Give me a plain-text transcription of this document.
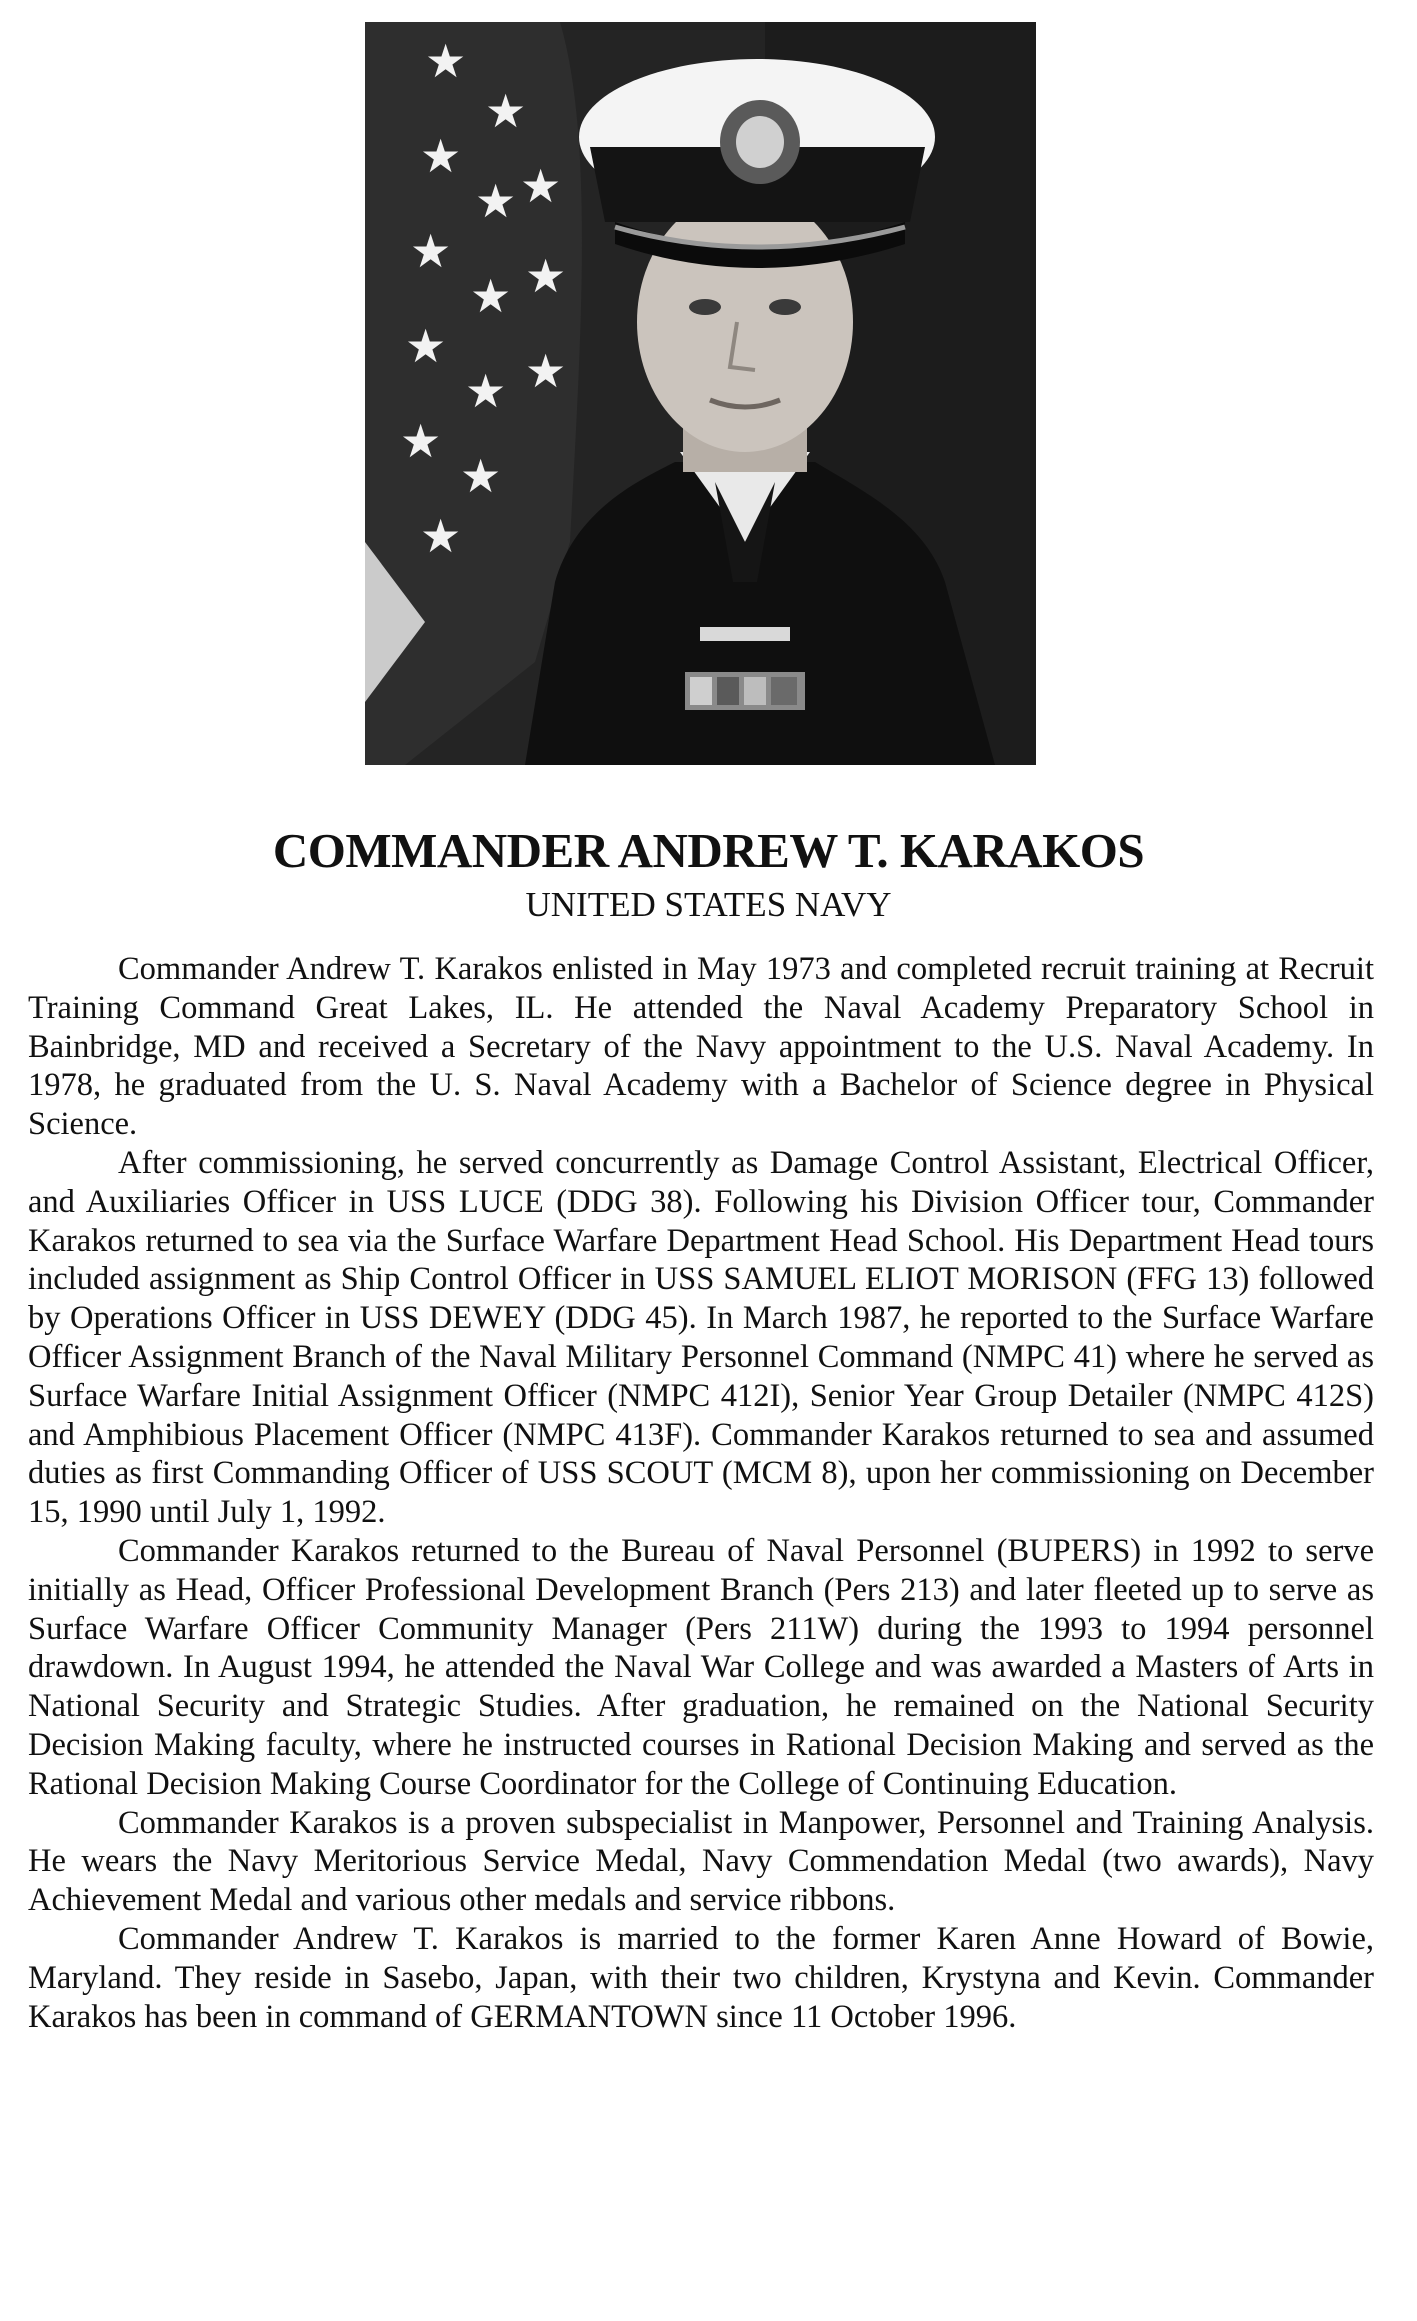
★
★
★
★
★
★ ★
★
★ ★
★
★
★
★
COMMANDER ANDREW T. KARAKOS
UNITED STATES NAVY

Commander Andrew T. Karakos enlisted in May 1973 and completed recruit training at Recruit Training Command Great Lakes, IL. He attended the Naval Academy Preparatory School in Bainbridge, MD and received a Secretary of the Navy appointment to the U.S. Naval Academy. In 1978, he graduated from the U. S. Naval Academy with a Bachelor of Science degree in Physical Science.

After commissioning, he served concurrently as Damage Control Assistant, Electrical Officer, and Auxiliaries Officer in USS LUCE (DDG 38). Following his Division Officer tour, Commander Karakos returned to sea via the Surface Warfare Department Head School. His Department Head tours included assignment as Ship Control Officer in USS SAMUEL ELIOT MORISON (FFG 13) followed by Operations Officer in USS DEWEY (DDG 45). In March 1987, he reported to the Surface Warfare Officer Assignment Branch of the Naval Military Personnel Command (NMPC 41) where he served as Surface Warfare Initial Assignment Officer (NMPC 412I), Senior Year Group Detailer (NMPC 412S) and Amphibious Placement Officer (NMPC 413F). Commander Karakos returned to sea and assumed duties as first Commanding Officer of USS SCOUT (MCM 8), upon her commissioning on December 15, 1990 until July 1, 1992.

Commander Karakos returned to the Bureau of Naval Personnel (BUPERS) in 1992 to serve initially as Head, Officer Professional Development Branch (Pers 213) and later fleeted up to serve as Surface Warfare Officer Community Manager (Pers 211W) during the 1993 to 1994 personnel drawdown. In August 1994, he attended the Naval War College and was awarded a Masters of Arts in National Security and Strategic Studies. After graduation, he remained on the National Security Decision Making faculty, where he instructed courses in Rational Decision Making and served as the Rational Decision Making Course Coordinator for the College of Continuing Education.

Commander Karakos is a proven subspecialist in Manpower, Personnel and Training Analysis. He wears the Navy Meritorious Service Medal, Navy Commendation Medal (two awards), Navy Achievement Medal and various other medals and service ribbons.

Commander Andrew T. Karakos is married to the former Karen Anne Howard of Bowie, Maryland. They reside in Sasebo, Japan, with their two children, Krystyna and Kevin. Commander Karakos has been in command of GERMANTOWN since 11 October 1996.
